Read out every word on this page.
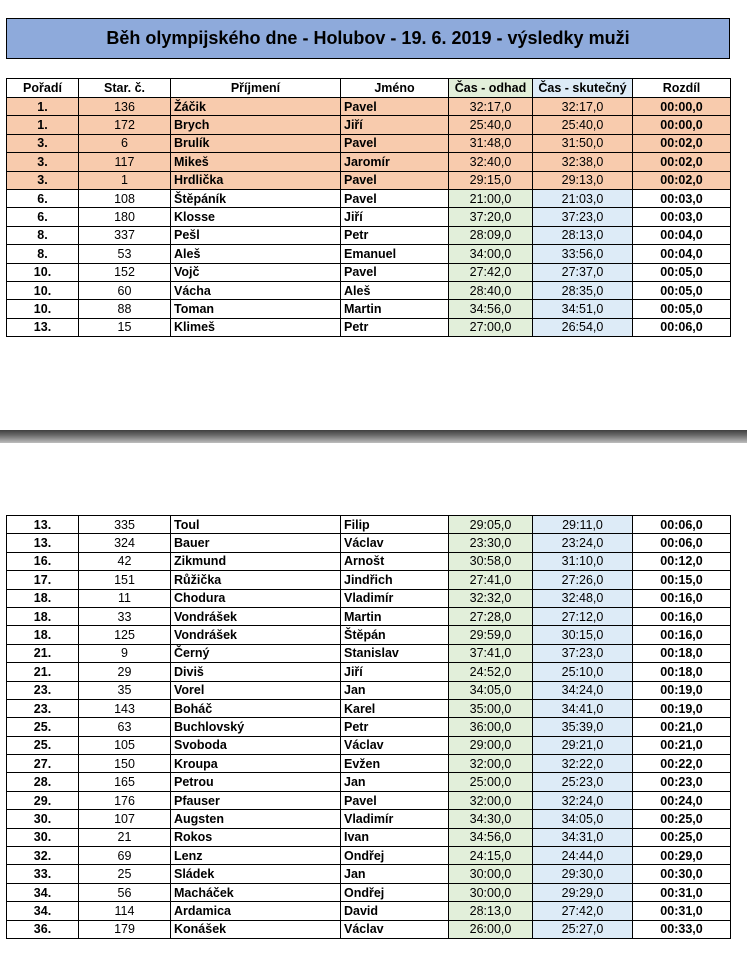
Běh olympijského dne - Holubov - 19. 6. 2019 - výsledky muži
Pořadí	Star. č.	Příjmení	Jméno	Čas - odhad	Čas - skutečný	Rozdíl
1.	136	Žáčik	Pavel	32:17,0	32:17,0	00:00,0
1.	172	Brych	Jiří	25:40,0	25:40,0	00:00,0
3.	6	Brulík	Pavel	31:48,0	31:50,0	00:02,0
3.	117	Mikeš	Jaromír	32:40,0	32:38,0	00:02,0
3.	1	Hrdlička	Pavel	29:15,0	29:13,0	00:02,0
6.	108	Štěpáník	Pavel	21:00,0	21:03,0	00:03,0
6.	180	Klosse	Jiří	37:20,0	37:23,0	00:03,0
8.	337	Pešl	Petr	28:09,0	28:13,0	00:04,0
8.	53	Aleš	Emanuel	34:00,0	33:56,0	00:04,0
10.	152	Vojč	Pavel	27:42,0	27:37,0	00:05,0
10.	60	Vácha	Aleš	28:40,0	28:35,0	00:05,0
10.	88	Toman	Martin	34:56,0	34:51,0	00:05,0
13.	15	Klimeš	Petr	27:00,0	26:54,0	00:06,0
13.	335	Toul	Filip	29:05,0	29:11,0	00:06,0
13.	324	Bauer	Václav	23:30,0	23:24,0	00:06,0
16.	42	Zikmund	Arnošt	30:58,0	31:10,0	00:12,0
17.	151	Růžička	Jindřich	27:41,0	27:26,0	00:15,0
18.	11	Chodura	Vladimír	32:32,0	32:48,0	00:16,0
18.	33	Vondrášek	Martin	27:28,0	27:12,0	00:16,0
18.	125	Vondrášek	Štěpán	29:59,0	30:15,0	00:16,0
21.	9	Černý	Stanislav	37:41,0	37:23,0	00:18,0
21.	29	Diviš	Jiří	24:52,0	25:10,0	00:18,0
23.	35	Vorel	Jan	34:05,0	34:24,0	00:19,0
23.	143	Boháč	Karel	35:00,0	34:41,0	00:19,0
25.	63	Buchlovský	Petr	36:00,0	35:39,0	00:21,0
25.	105	Svoboda	Václav	29:00,0	29:21,0	00:21,0
27.	150	Kroupa	Evžen	32:00,0	32:22,0	00:22,0
28.	165	Petrou	Jan	25:00,0	25:23,0	00:23,0
29.	176	Pfauser	Pavel	32:00,0	32:24,0	00:24,0
30.	107	Augsten	Vladimír	34:30,0	34:05,0	00:25,0
30.	21	Rokos	Ivan	34:56,0	34:31,0	00:25,0
32.	69	Lenz	Ondřej	24:15,0	24:44,0	00:29,0
33.	25	Sládek	Jan	30:00,0	29:30,0	00:30,0
34.	56	Macháček	Ondřej	30:00,0	29:29,0	00:31,0
34.	114	Ardamica	David	28:13,0	27:42,0	00:31,0
36.	179	Konášek	Václav	26:00,0	25:27,0	00:33,0
